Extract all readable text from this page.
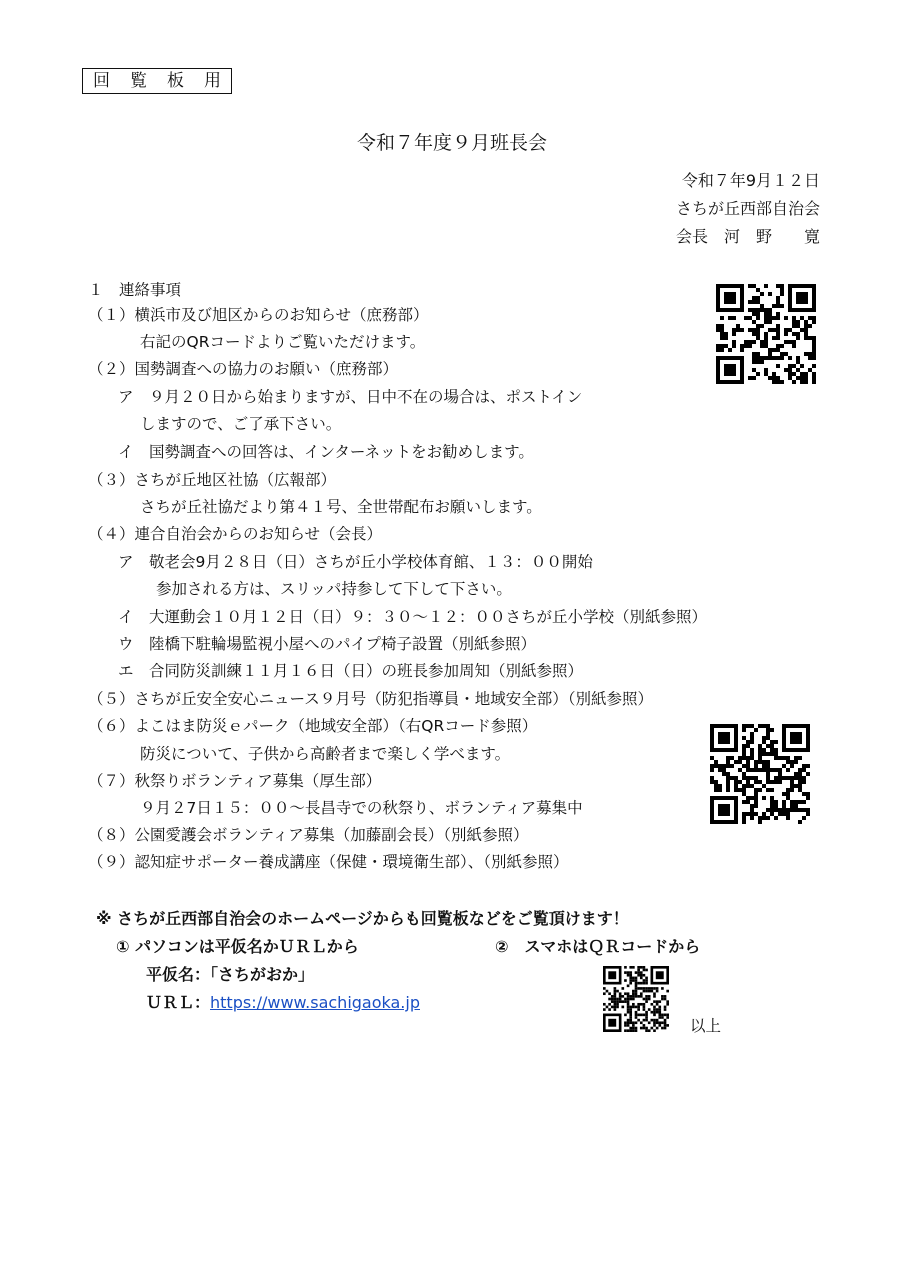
回 覧 板 用
令和７年度９月班長会
令和７年9月１２日
さちが丘西部自治会
会長　河　野　　寛
１　連絡事項
（１）横浜市及び旭区からのお知らせ（庶務部）
右記のQRコードよりご覧いただけます。
（２）国勢調査への協力のお願い（庶務部）
ア　９月２０日から始まりますが、日中不在の場合は、ポストイン
しますので、ご了承下さい。
イ　国勢調査への回答は、インターネットをお勧めします。
（３）さちが丘地区社協（広報部）
さちが丘社協だより第４１号、全世帯配布お願いします。
（４）連合自治会からのお知らせ（会長）
ア　敬老会9月２８日（日）さちが丘小学校体育館、１３：００開始
参加される方は、スリッパ持参して下して下さい。
イ　大運動会１０月１２日（日）９：３０～１２：００さちが丘小学校（別紙参照）
ウ　陸橋下駐輪場監視小屋へのパイプ椅子設置（別紙参照）
エ　合同防災訓練１１月１６日（日）の班長参加周知（別紙参照）
（５）さちが丘安全安心ニュース９月号（防犯指導員・地域安全部）（別紙参照）
（６）よこはま防災ｅパーク（地域安全部）（右QRコード参照）
防災について、子供から高齢者まで楽しく学べます。
（７）秋祭りボランティア募集（厚生部）
９月２7日１５：００～長昌寺での秋祭り、ボランティア募集中
（８）公園愛護会ボランティア募集（加藤副会長）（別紙参照）
（９）認知症サポーター養成講座（保健・環境衛生部）、（別紙参照）
※ さちが丘西部自治会のホームページからも回覧板などをご覧頂けます！
① パソコンは平仮名かＵＲＬから	②　スマホはＱＲコードから
平仮名：「さちがおか」
ＵＲＬ：https://www.sachigaoka.jp
以上
